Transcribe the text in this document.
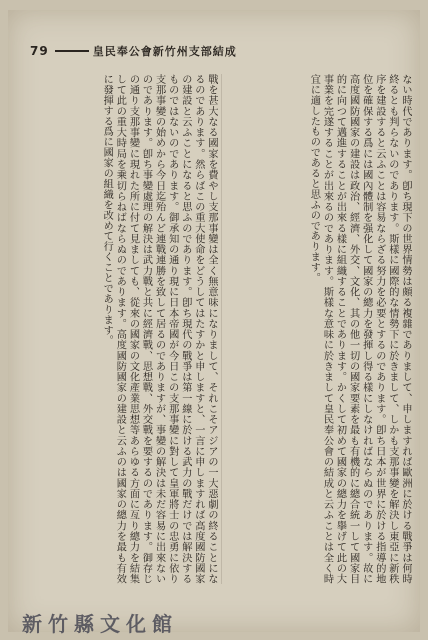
79	皇民奉公會新竹州支部結成
ない時代であります。卽ち現下の世界情勢は頗る複雜でありまして、申しますれば歐洲に於ける戰爭は何時終るとも判らないのであります。斯樣に國際的な情勢下に於きまして、しかも支那事變を解決し東亞に新秩序を建設すると云ふことは容易ならざる努力を必要とするのであります。卽ち日本が世界に於ける指導的地位を確保する爲には國內體制を强化して國家の總力を發揮し得る樣にしなければならぬのであります。故に高度國防國家の建設は政治、經濟、外交、文化、其の他一切の國家要素を最も有機的に總合統一して國家目的に向つて邁進することが出來る樣に組織することであります。かくして初めて國家の總力を擧げて此の大事業を完遂することが出來るのであります。斯樣な意味に於きまして皇民奉公會の結成と云ふことは全く時宜に適したものであると思ふのであります。
戰を甚大なる國家を費やし支那事變は全く無意味になりまして、それこそアジアの一大惡劇の終ることになるのであります。然らばこの重大使命をどうしてはたすかと申しますと、一言に申しますれば高度國防國家の建設と云ふことになると思ふのであります。卽ち現代の戰爭は第一線に於ける武力の戰だけでは解決するものではないのであります。御承知の通り現に日本帝國が今日この支那事變に對して皇軍將士の忠勇に依り支那事變の始めから今日迄殆んど連戰連勝を致して居るのでありますが、事變の解決は未だ容易に出來ないのであります。卽ち事變處理の解決は武力戰と共に經濟戰、思想戰、外交戰を要するのであります。御存じの通り支那事變に現れた所に付て見ましても、從來の國家の文化產業思想等あらゆる方面に亙り總力を結集して此の重大時局を乘切らねばならぬのであります。高度國防國家の建設と云ふのは國家の總力を最も有效に發揮する爲に國家の組織を改めて行くことであります。
新竹縣文化館
